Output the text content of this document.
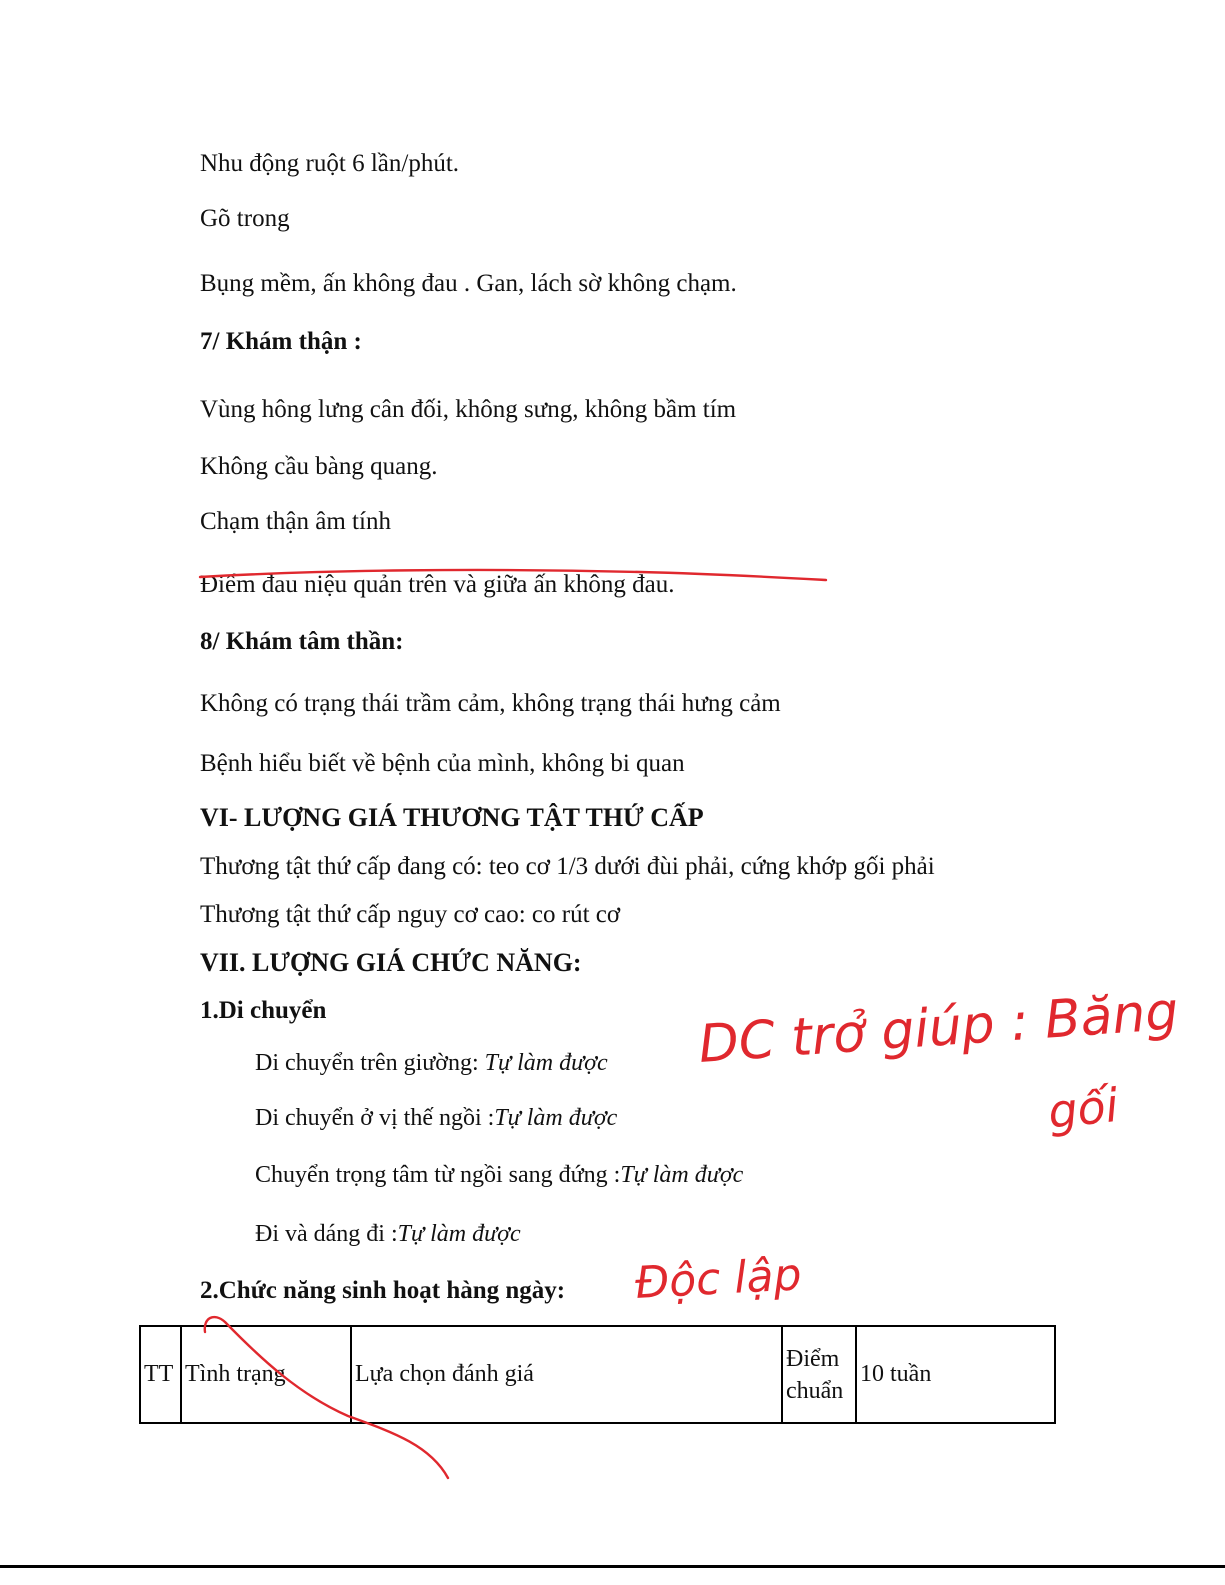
Nhu động ruột 6 lần/phút.
Gõ trong
Bụng mềm, ấn không đau . Gan, lách sờ không chạm.
7/ Khám thận :
Vùng hông lưng cân đối, không sưng, không bầm tím
Không cầu bàng quang.
Chạm thận âm tính
Điểm đau niệu quản trên và giữa ấn không đau.
8/ Khám tâm thần:
Không có trạng thái trầm cảm, không trạng thái hưng cảm
Bệnh hiểu biết về bệnh của mình, không bi quan
VI- LƯỢNG GIÁ THƯƠNG TẬT THỨ CẤP
Thương tật thứ cấp đang có: teo cơ 1/3 dưới đùi phải, cứng khớp gối phải
Thương tật thứ cấp nguy cơ cao: co rút cơ
VII. LƯỢNG GIÁ CHỨC NĂNG:
1.Di chuyển
Di chuyển trên giường: Tự làm được
Di chuyển ở vị thế ngồi :Tự làm được
Chuyển trọng tâm từ ngồi sang đứng :Tự làm được
Đi và dáng đi :Tự làm được
2.Chức năng sinh hoạt hàng ngày:
TT	Tình trạng	Lựa chọn đánh giá	Điểm chuẩn	10 tuần
DC trở giúp : Băng
gối
Độc lập
